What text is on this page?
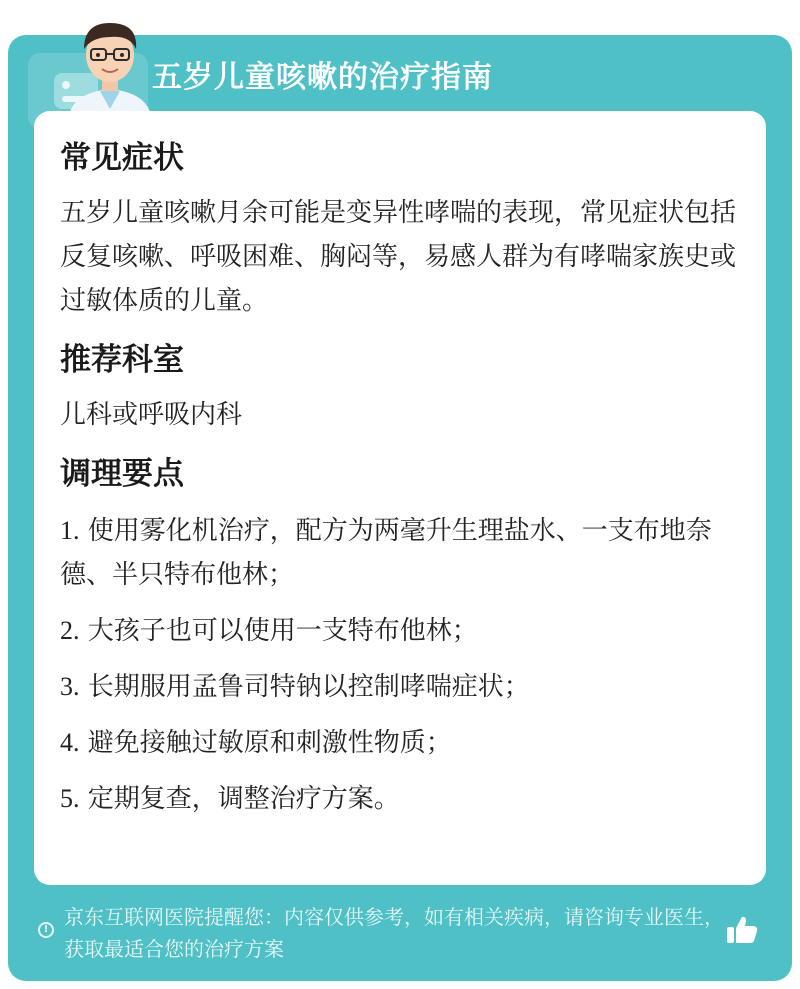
五岁儿童咳嗽的治疗指南
常见症状

五岁儿童咳嗽月余可能是变异性哮喘的表现，常见症状包括反复咳嗽、呼吸困难、胸闷等，易感人群为有哮喘家族史或过敏体质的儿童。

推荐科室

儿科或呼吸内科

调理要点
1. 使用雾化机治疗，配方为两毫升生理盐水、一支布地奈德、半只特布他林；
2. 大孩子也可以使用一支特布他林；
3. 长期服用孟鲁司特钠以控制哮喘症状；
4. 避免接触过敏原和刺激性物质；
5. 定期复查，调整治疗方案。
!
京东互联网医院提醒您：内容仅供参考，如有相关疾病，请咨询专业医生，获取最适合您的治疗方案
